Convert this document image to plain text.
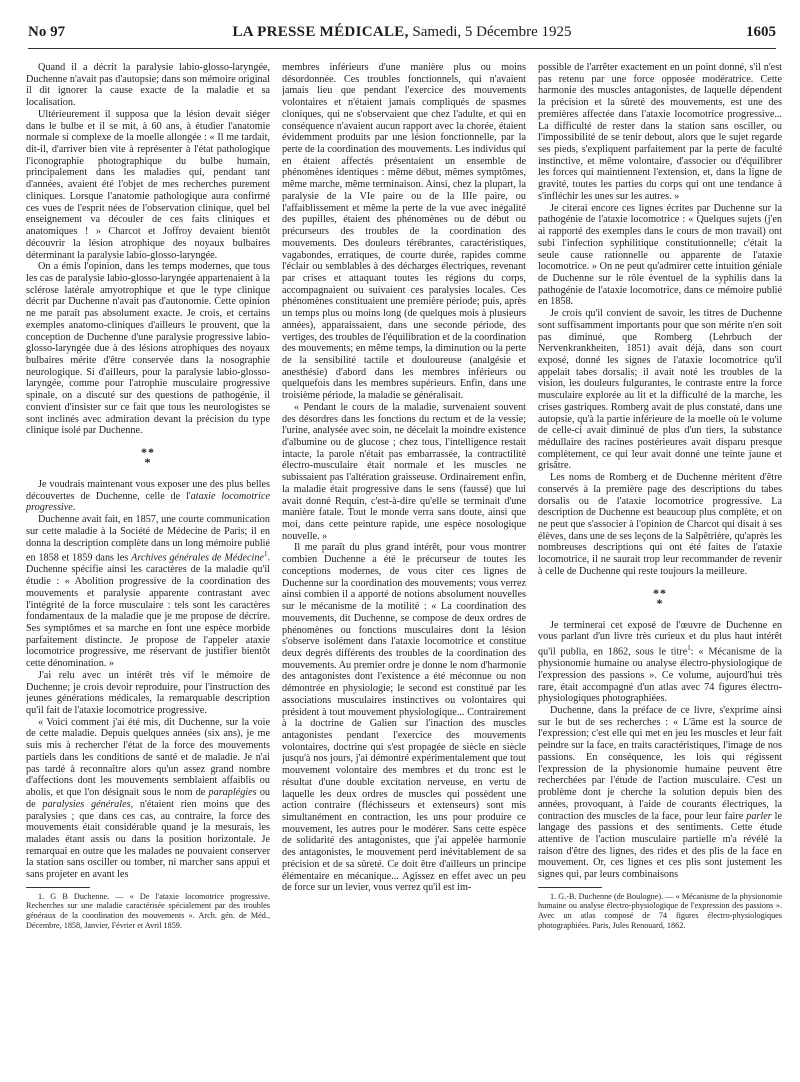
No 97	LA PRESSE MÉDICALE, Samedi, 5 Décembre 1925	1605

Quand il a décrit la paralysie labio-glosso-laryngée, Duchenne n'avait pas d'autopsie; dans son mémoire original il dit ignorer la cause exacte de la maladie et sa localisation.

Ultérieurement il supposa que la lésion devait siéger dans le bulbe et il se mit, à 60 ans, à étudier l'anatomie normale si complexe de la moelle allongée : « Il me tardait, dit-il, d'arriver bien vite à représenter à l'état pathologique l'iconographie photographique du bulbe humain, principalement dans les maladies qui, pendant tant d'années, avaient été l'objet de mes recherches purement cliniques. Lorsque l'anatomie pathologique aura confirmé ces vues de l'esprit nées de l'observation clinique, quel bel enseignement va découler de ces faits cliniques et anatomiques ! » Charcot et Joffroy devaient bientôt découvrir la lésion atrophique des noyaux bulbaires déterminant la paralysie labio-glosso-laryngée.

On a émis l'opinion, dans les temps modernes, que tous les cas de paralysie labio-glosso-laryngée appartenaient à la sclérose latérale amyotrophique et que le type clinique décrit par Duchenne n'avait pas d'autonomie. Cette opinion ne me paraît pas absolument exacte. Je crois, et certains exemples anatomo-cliniques d'ailleurs le prouvent, que la conception de Duchenne d'une paralysie progressive labio-glosso-laryngée due à des lésions atrophiques des noyaux bulbaires mérite d'être conservée dans la nosographie neurologique. Si d'ailleurs, pour la paralysie labio-glosso-laryngée, comme pour l'atrophie musculaire progressive spinale, on a discuté sur des questions de pathogénie, il convient d'insister sur ce fait que tous les neurologistes se sont inclinés avec admiration devant la précision du type clinique isolé par Duchenne.

**
*

Je voudrais maintenant vous exposer une des plus belles découvertes de Duchenne, celle de l'ataxie locomotrice progressive.

Duchenne avait fait, en 1857, une courte communication sur cette maladie à la Société de Médecine de Paris; il en donna la description complète dans un long mémoire publié en 1858 et 1859 dans les Archives générales de Médecine$^1$. Duchenne spécifie ainsi les caractères de la maladie qu'il étudie : « Abolition progressive de la coordination des mouvements et paralysie apparente contrastant avec l'intégrité de la force musculaire : tels sont les caractères fondamentaux de la maladie que je me propose de décrire. Ses symptômes et sa marche en font une espèce morbide parfaitement distincte. Je propose de l'appeler ataxie locomotrice progressive, me réservant de justifier bientôt cette dénomination. »

J'ai relu avec un intérêt très vif le mémoire de Duchenne; je crois devoir reproduire, pour l'instruction des jeunes générations médicales, la remarquable description qu'il fait de l'ataxie locomotrice progressive.

« Voici comment j'ai été mis, dit Duchenne, sur la voie de cette maladie. Depuis quelques années (six ans), je me suis mis à rechercher l'état de la force des mouvements partiels dans les conditions de santé et de maladie. Je n'ai pas tardé à reconnaître alors qu'un assez grand nombre d'affections dont les mouvements semblaient affaiblis ou abolis, et que l'on désignait sous le nom de paraplégies ou de paralysies générales, n'étaient rien moins que des paralysies ; que dans ces cas, au contraire, la force des mouvements était considérable quand je la mesurais, les malades étant assis ou dans la position horizontale. Je remarquai en outre que les malades ne pouvaient conserver la station sans osciller ou tomber, ni marcher sans appui et sans projeter en avant les

1. G B Duchenne. — « De l'ataxie locomotrice progressive. Recherches sur une maladie caractérisée spécialement par des troubles généraux de la coordination des mouvements ». Arch. gén. de Méd., Décembre, 1858, Janvier, Février et Avril 1859.

membres inférieurs d'une manière plus ou moins désordonnée. Ces troubles fonctionnels, qui n'avaient jamais lieu que pendant l'exercice des mouvements volontaires et n'étaient jamais compliqués de spasmes cloniques, qui ne s'observaient que chez l'adulte, et qui en conséquence n'avaient aucun rapport avec la chorée, étaient évidemment produits par une lésion fonctionnelle, par la perte de la coordination des mouvements. Les individus qui en étaient affectés présentaient un ensemble de phénomènes identiques : même début, mêmes symptômes, même marche, même terminaison. Ainsi, chez la plupart, la paralysie de la VIe paire ou de la IIIe paire, ou l'affaiblissement et même la perte de la vue avec inégalité des pupilles, étaient des phénomènes ou de début ou précurseurs des troubles de la coordination des mouvements. Des douleurs térébrantes, caractéristiques, vagabondes, erratiques, de courte durée, rapides comme l'éclair ou semblables à des décharges électriques, revenant par crises et attaquant toutes les régions du corps, accompagnaient ou suivaient ces paralysies locales. Ces phénomènes constituaient une première période; puis, après un temps plus ou moins long (de quelques mois à plusieurs années), apparaissaient, dans une seconde période, des vertiges, des troubles de l'équilibration et de la coordination des mouvements; en même temps, la diminution ou la perte de la sensibilité tactile et douloureuse (analgésie et anesthésie) d'abord dans les membres inférieurs ou quelquefois dans les membres supérieurs. Enfin, dans une troisième période, la maladie se généralisait.

« Pendant le cours de la maladie, survenaient souvent des désordres dans les fonctions du rectum et de la vessie; l'urine, analysée avec soin, ne décelait la moindre existence d'albumine ou de glucose ; chez tous, l'intelligence restait intacte, la parole n'était pas embarrassée, la contractilité électro-musculaire était normale et les muscles ne subissaient pas l'altération graisseuse. Ordinairement enfin, la maladie était progressive dans le sens (faussé) que lui avait donné Requin, c'est-à-dire qu'elle se terminait d'une manière fatale. Tout le monde verra sans doute, ainsi que moi, dans cette peinture rapide, une espèce nosologique nouvelle. »

Il me paraît du plus grand intérêt, pour vous montrer combien Duchenne a été le précurseur de toutes les conceptions modernes, de vous citer ces lignes de Duchenne sur la coordination des mouvements; vous verrez ainsi combien il a apporté de notions absolument nouvelles sur le mécanisme de la motilité : « La coordination des mouvements, dit Duchenne, se compose de deux ordres de phénomènes ou fonctions musculaires dont la lésion s'observe isolément dans l'ataxie locomotrice et constitue deux degrés différents des troubles de la coordination des mouvements. Au premier ordre je donne le nom d'harmonie des antagonistes dont l'existence a été méconnue ou non démontrée en physiologie; le second est constitué par les associations musculaires instinctives ou volontaires qui président à tout mouvement physiologique... Contrairement à la doctrine de Galien sur l'inaction des muscles antagonistes pendant l'exercice des mouvements volontaires, doctrine qui s'est propagée de siècle en siècle jusqu'à nos jours, j'ai démontré expérimentalement que tout mouvement volontaire des membres et du tronc est le résultat d'une double excitation nerveuse, en vertu de laquelle les deux ordres de muscles qui possèdent une action contraire (fléchisseurs et extenseurs) sont mis simultanément en contraction, les uns pour produire ce mouvement, les autres pour le modérer. Sans cette espèce de solidarité des antagonistes, que j'ai appelée harmonie des antagonistes, le mouvement perd inévitablement de sa précision et de sa sûreté. Ce doit être d'ailleurs un principe élémentaire en mécanique... Agissez en effet avec un peu de force sur un levier, vous verrez qu'il est im-

possible de l'arrêter exactement en un point donné, s'il n'est pas retenu par une force opposée modératrice. Cette harmonie des muscles antagonistes, de laquelle dépendent la précision et la sûreté des mouvements, est une des premières affectée dans l'ataxie locomotrice progressive... La difficulté de rester dans la station sans osciller, ou l'impossibilité de se tenir debout, alors que le sujet regarde ses pieds, s'expliquent parfaitement par la perte de faculté instinctive, et même volontaire, d'associer ou d'équilibrer les forces qui maintiennent l'extension, et, dans la ligne de gravité, toutes les parties du corps qui ont une tendance à s'infléchir les unes sur les autres. »

Je citerai encore ces lignes écrites par Duchenne sur la pathogénie de l'ataxie locomotrice : « Quelques sujets (j'en ai rapporté des exemples dans le cours de mon travail) ont subi l'infection syphilitique constitutionnelle; c'était la seule cause rationnelle ou apparente de l'ataxie locomotrice. » On ne peut qu'admirer cette intuition géniale de Duchenne sur le rôle éventuel de la syphilis dans la pathogénie de l'ataxie locomotrice, dans ce mémoire publié en 1858.

Je crois qu'il convient de savoir, les titres de Duchenne sont suffisamment importants pour que son mérite n'en soit pas diminué, que Romberg (Lehrbuch der Nervenkrankheiten, 1851) avait déjà, dans son court exposé, donné les signes de l'ataxie locomotrice qu'il appelait tabes dorsalis; il avait noté les troubles de la vision, les douleurs fulgurantes, le contraste entre la force musculaire explorée au lit et la difficulté de la marche, les crises gastriques. Romberg avait de plus constaté, dans une autopsie, qu'à la partie inférieure de la moelle où le volume de celle-ci avait diminué de plus d'un tiers, la substance médullaire des racines postérieures avait disparu presque complètement, ce qui leur avait donné une teinte jaune et grisâtre.

Les noms de Romberg et de Duchenne méritent d'être conservés à la première page des descriptions du tabes dorsalis ou de l'ataxie locomotrice progressive. La description de Duchenne est beaucoup plus complète, et on ne peut que s'associer à l'opinion de Charcot qui disait à ses élèves, dans une de ses leçons de la Salpêtrière, qu'après les nombreuses descriptions qui ont été faites de l'ataxie locomotrice, il ne saurait trop leur recommander de revenir à celle de Duchenne qui reste toujours la meilleure.

**
*

Je terminerai cet exposé de l'œuvre de Duchenne en vous parlant d'un livre très curieux et du plus haut intérêt qu'il publia, en 1862, sous le titre$^1$: « Mécanisme de la physionomie humaine ou analyse électro-physiologique de l'expression des passions ». Ce volume, aujourd'hui très rare, était accompagné d'un atlas avec 74 figures électro-physiologiques photographiées.

Duchenne, dans la préface de ce livre, s'exprime ainsi sur le but de ses recherches : « L'âme est la source de l'expression; c'est elle qui met en jeu les muscles et leur fait peindre sur la face, en traits caractéristiques, l'image de nos passions. En conséquence, les lois qui régissent l'expression de la physionomie humaine peuvent être recherchées par l'étude de l'action musculaire. C'est un problème dont je cherche la solution depuis bien des années, provoquant, à l'aide de courants électriques, la contraction des muscles de la face, pour leur faire parler le langage des passions et des sentiments. Cette étude attentive de l'action musculaire partielle m'a révélé la raison d'être des lignes, des rides et des plis de la face en mouvement. Or, ces lignes et ces plis sont justement les signes qui, par leurs combinaisons

1. G.-B. Duchenne (de Boulogne). — « Mécanisme de la physionomie humaine ou analyse électro-physiologique de l'expression des passions ». Avec un atlas composé de 74 figures électro-physiologiques photographiées. Paris, Jules Renouard, 1862.
